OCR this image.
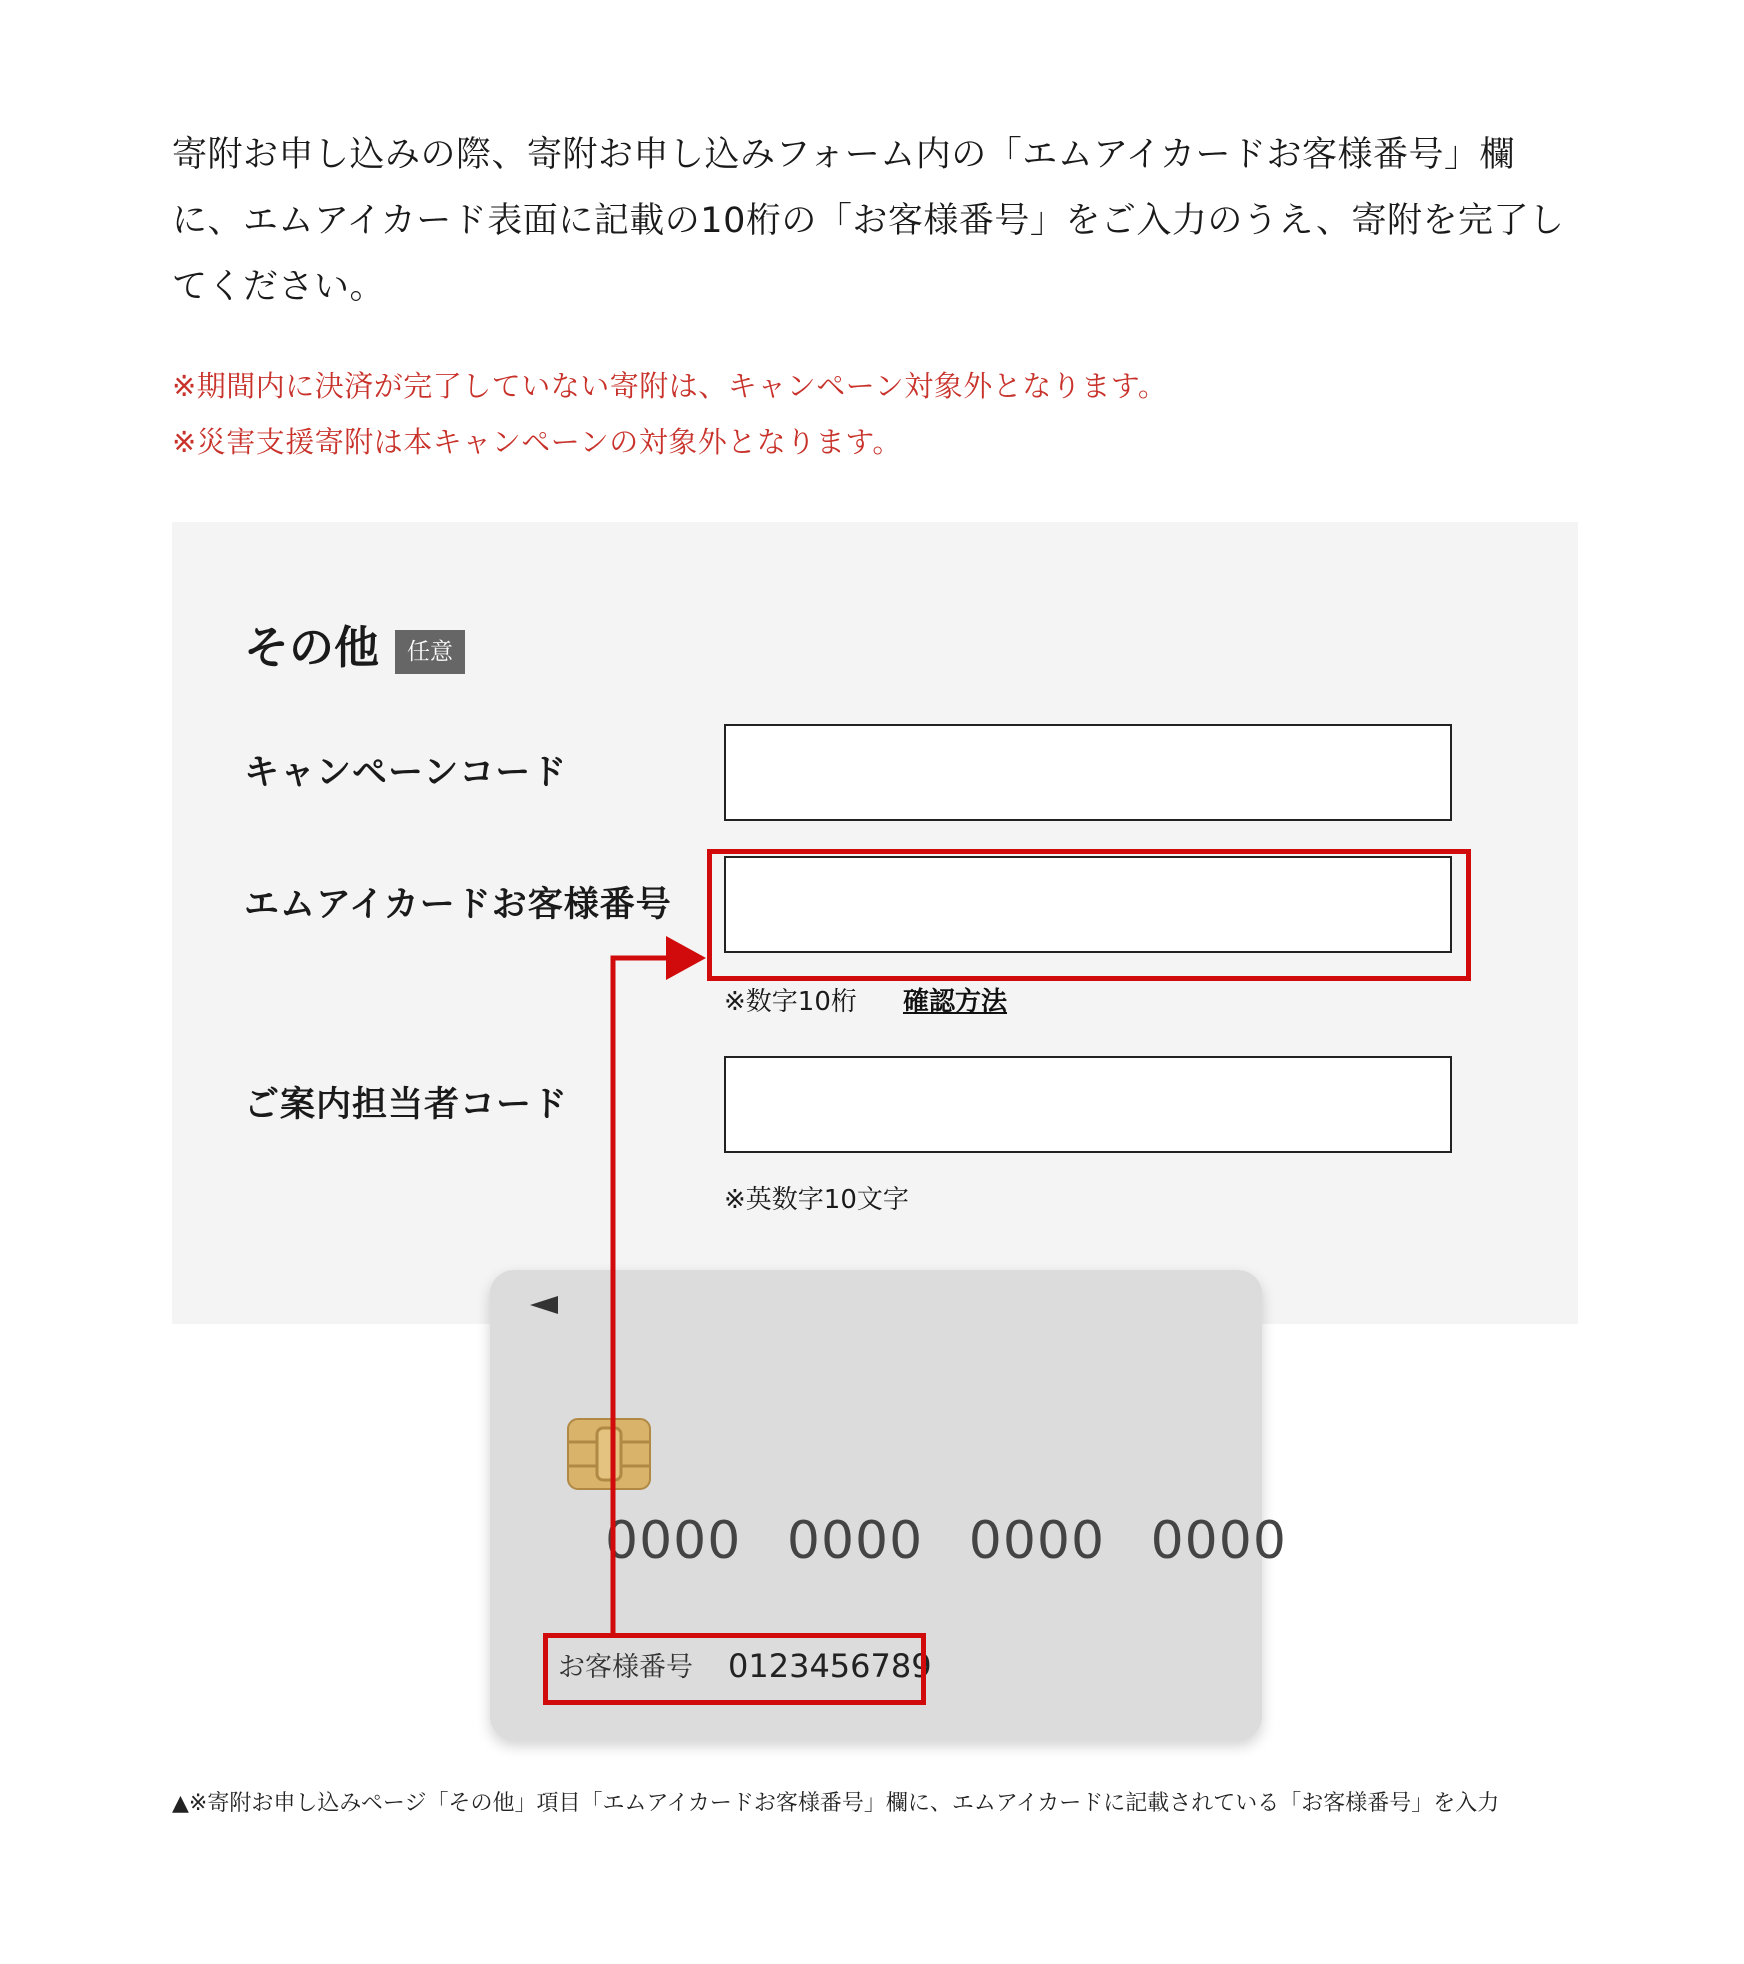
寄附お申し込みの際、寄附お申し込みフォーム内の「エムアイカードお客様番号」欄に、エムアイカード表面に記載の10桁の「お客様番号」をご入力のうえ、寄附を完了してください。

※期間内に決済が完了していない寄附は、キャンペーン対象外となります。

※災害支援寄附は本キャンペーンの対象外となります。

その他	任意
キャンペーンコード
エムアイカードお客様番号
※数字10桁 確認方法
ご案内担当者コード
※英数字10文字

0000 0000 0000 0000

お客様番号 0123456789

▲※寄附お申し込みページ「その他」項目「エムアイカードお客様番号」欄に、エムアイカードに記載されている「お客様番号」を入力
